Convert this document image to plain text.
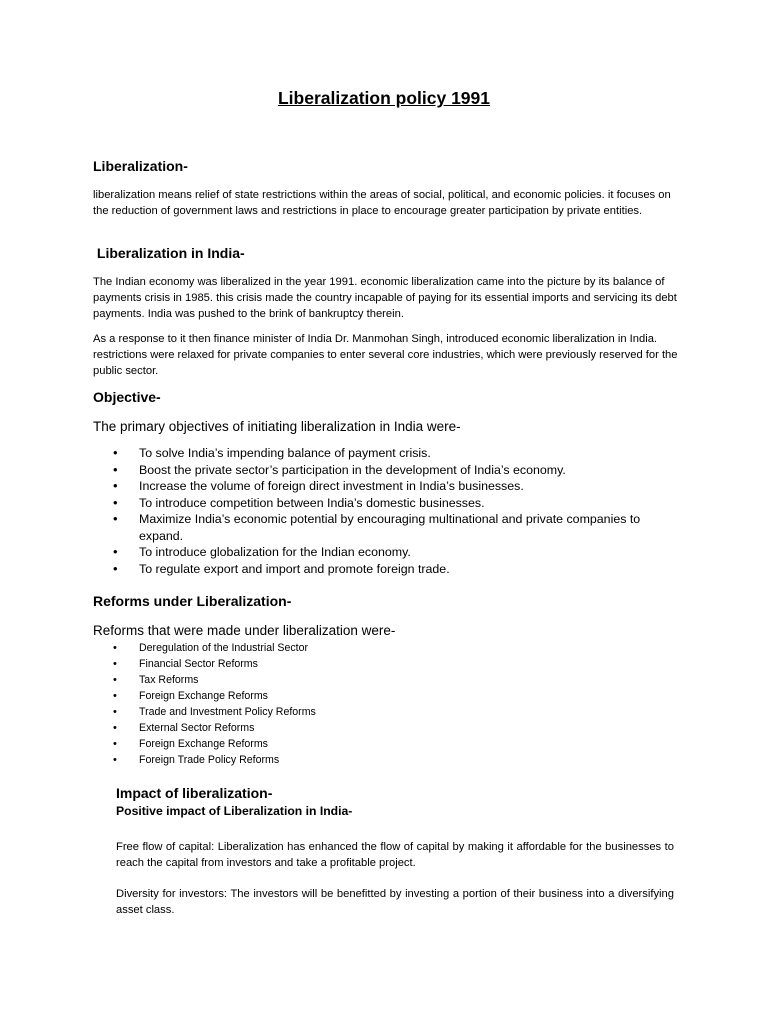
Liberalization policy 1991
Liberalization-

liberalization means relief of state restrictions within the areas of social, political, and economic policies. it focuses on the reduction of government laws and restrictions in place to encourage greater participation by private entities.

Liberalization in India-

The Indian economy was liberalized in the year 1991. economic liberalization came into the picture by its balance of payments crisis in 1985. this crisis made the country incapable of paying for its essential imports and servicing its debt payments. India was pushed to the brink of bankruptcy therein.

As a response to it then finance minister of India Dr. Manmohan Singh, introduced economic liberalization in India. restrictions were relaxed for private companies to enter several core industries, which were previously reserved for the public sector.

Objective-

The primary objectives of initiating liberalization in India were-

• To solve India’s impending balance of payment crisis.
• Boost the private sector’s participation in the development of India’s economy.
• Increase the volume of foreign direct investment in India’s businesses.
• To introduce competition between India’s domestic businesses.
• Maximize India’s economic potential by encouraging multinational and private companies to expand.
• To introduce globalization for the Indian economy.
• To regulate export and import and promote foreign trade.
Reforms under Liberalization-

Reforms that were made under liberalization were-

• Deregulation of the Industrial Sector
• Financial Sector Reforms
• Tax Reforms
• Foreign Exchange Reforms
• Trade and Investment Policy Reforms
• External Sector Reforms
• Foreign Exchange Reforms
• Foreign Trade Policy Reforms
Impact of liberalization-
Positive impact of Liberalization in India-

Free flow of capital: Liberalization has enhanced the flow of capital by making it affordable for the businesses to reach the capital from investors and take a profitable project.

Diversity for investors: The investors will be benefitted by investing a portion of their business into a diversifying asset class.
